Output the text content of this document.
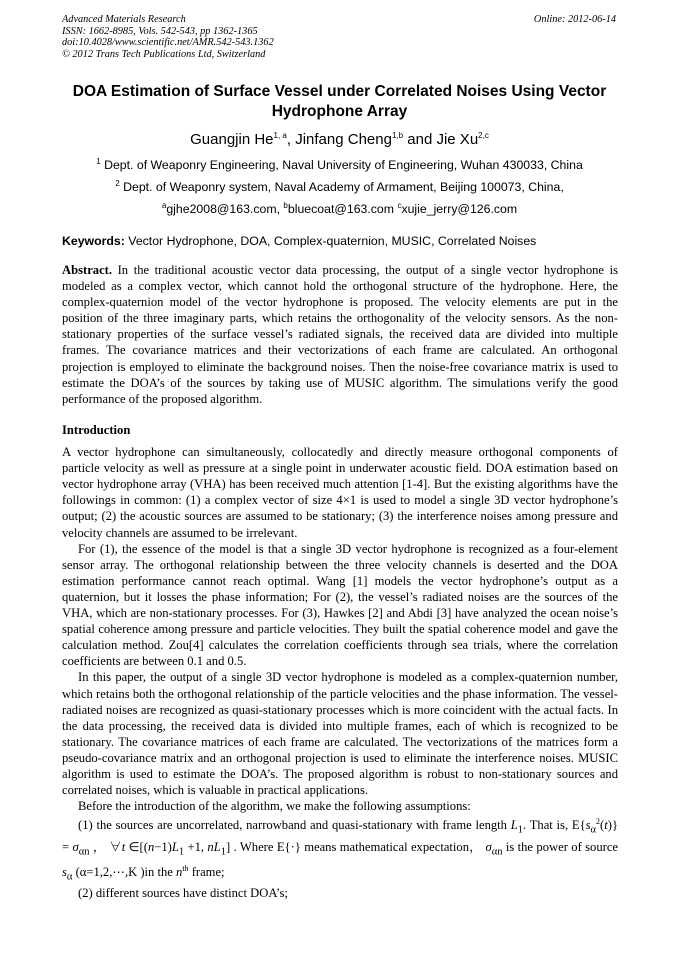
Advanced Materials Research
ISSN: 1662-8985, Vols. 542-543, pp 1362-1365
doi:10.4028/www.scientific.net/AMR.542-543.1362
© 2012 Trans Tech Publications Ltd, Switzerland
Online: 2012-06-14
DOA Estimation of Surface Vessel under Correlated Noises Using Vector Hydrophone Array
Guangjin He$^{1, a}$, Jinfang Cheng$^{1,b}$ and Jie Xu$^{2,c}$
$^1$ Dept. of Weaponry Engineering, Naval University of Engineering, Wuhan 430033, China
$^2$ Dept. of Weaponry system, Naval Academy of Armament, Beijing 100073, China,
$^a$gjhe2008@163.com, $^b$bluecoat@163.com $^c$xujie_jerry@126.com
Keywords: Vector Hydrophone, DOA, Complex-quaternion, MUSIC, Correlated Noises

Abstract. In the traditional acoustic vector data processing, the output of a single vector hydrophone is modeled as a complex vector, which cannot hold the orthogonal structure of the hydrophone. Here, the complex-quaternion model of the vector hydrophone is proposed. The velocity elements are put in the position of the three imaginary parts, which retains the orthogonality of the velocity sensors. As the non-stationary properties of the surface vessel’s radiated signals, the received data are divided into multiple frames. The covariance matrices and their vectorizations of each frame are calculated. An orthogonal projection is employed to eliminate the background noises. Then the noise-free covariance matrix is used to estimate the DOA’s of the sources by taking use of MUSIC algorithm. The simulations verify the good performance of the proposed algorithm.

Introduction

A vector hydrophone can simultaneously, collocatedly and directly measure orthogonal components of particle velocity as well as pressure at a single point in underwater acoustic field. DOA estimation based on vector hydrophone array (VHA) has been received much attention [1-4]. But the existing algorithms have the followings in common: (1) a complex vector of size 4×1 is used to model a single 3D vector hydrophone’s output; (2) the acoustic sources are assumed to be stationary; (3) the interference noises among pressure and velocity channels are assumed to be irrelevant.

For (1), the essence of the model is that a single 3D vector hydrophone is recognized as a four-element sensor array. The orthogonal relationship between the three velocity channels is deserted and the DOA estimation performance cannot reach optimal. Wang [1] models the vector hydrophone’s output as a quaternion, but it losses the phase information; For (2), the vessel’s radiated noises are the sources of the VHA, which are non-stationary processes. For (3), Hawkes [2] and Abdi [3] have analyzed the ocean noise’s spatial coherence among pressure and particle velocities. They built the spatial coherence model and gave the calculation method. Zou[4] calculates the correlation coefficients through sea trials, where the correlation coefficients are between 0.1 and 0.5.

In this paper, the output of a single 3D vector hydrophone is modeled as a complex-quaternion number, which retains both the orthogonal relationship of the particle velocities and the phase information. The vessel-radiated noises are recognized as quasi-stationary processes which is more coincident with the actual facts. In the data processing, the received data is divided into multiple frames, each of which is recognized to be stationary. The covariance matrices of each frame are calculated. The vectorizations of the matrices form a pseudo-covariance matrix and an orthogonal projection is used to eliminate the interference noises. MUSIC algorithm is used to estimate the DOA’s. The proposed algorithm is robust to non-stationary sources and correlated noises, which is valuable in practical applications.

Before the introduction of the algorithm, we make the following assumptions:

(1) the sources are uncorrelated, narrowband and quasi-stationary with frame length $L_1$. That is, $E\{s_\alpha^2(t)\} = \sigma_{\alpha n}$ ， ∀t $\in[(n-1)L_1 +1$, $nL_1$] . Where E{·} means mathematical expectation， $\sigma_{\alpha n}$ is the power of source $s_\alpha$ (α=1,2,⋯,K )in the $n^{th}$ frame;

(2) different sources have distinct DOA’s;
